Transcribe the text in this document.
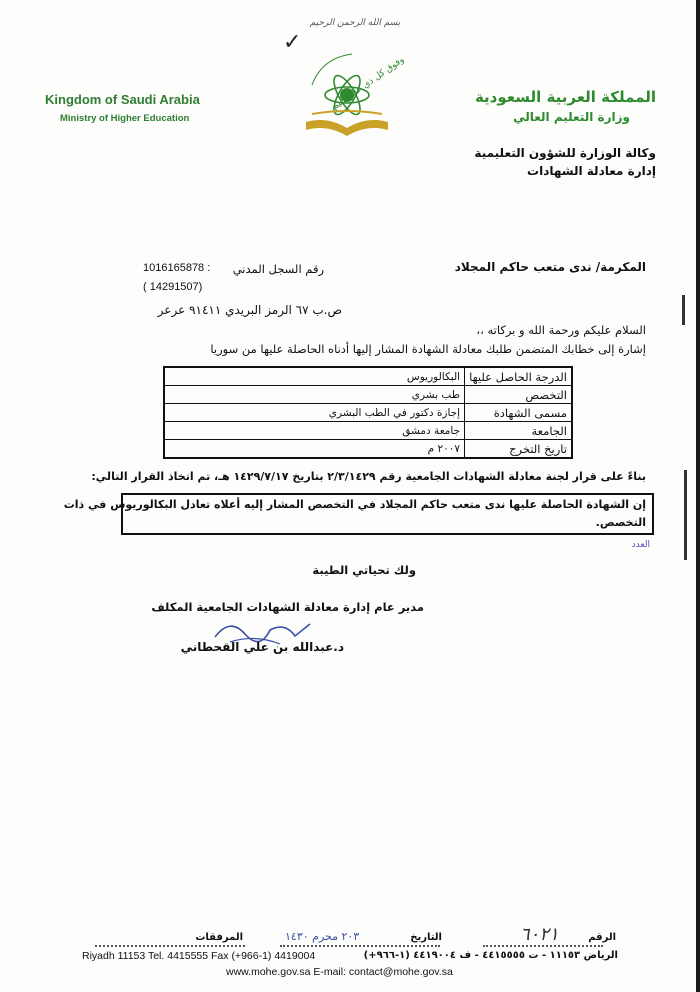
بسم الله الرحمن الرحيم
✓
وفوق كل ذي علم عليم
Kingdom of Saudi Arabia
Ministry of Higher Education
المملكة العربية السعودية
وزارة التعليم العالي
وكالة الوزارة للشؤون التعليمية
إدارة معادلة الشهادات
المكرمة/ ندى متعب حاكم المجلاد
رقم السجل المدني
1016165878 :
( 14291507)
ص.ب ٦٧ الرمز البريدي ٩١٤١١ عرعر
السلام عليكم ورحمة الله و بركاته ،،
إشارة إلى خطابك المتضمن طلبك معادلة الشهادة المشار إليها أدناه الحاصلة عليها من سوريا
الدرجة الحاصل عليها	البكالوريوس
التخصص	طب بشري
مسمى الشهادة	إجازة دكتور في الطب البشري
الجامعة	جامعة دمشق
تاريخ التخرج	٢٠٠٧ م
بناءً على قرار لجنة معادلة الشهادات الجامعية رقم ٢/٣/١٤٢٩ بتاريخ ١٤٢٩/٧/١٧ هـ، تم اتخاذ القرار التالي:
إن الشهادة الحاصلة عليها ندى متعب حاكم المجلاد في التخصص المشار إليه أعلاه تعادل البكالوريوس في ذات
التخصص.
العدد
ولك تحياتي الطيبة
مدير عام إدارة معادلة الشهادات الجامعية المكلف
د.عبدالله بن علي القحطاني
الرقم
٦٠٢١
التاريخ
٢٠٣ محرم ١٤٣٠
المرفقات
الرياض ١١١٥٣ - ت ٤٤١٥٥٥٥ - ف ٤٤١٩٠٠٤ (١-٩٦٦+)
Riyadh 11153 Tel. 4415555 Fax (+966-1) 4419004
www.mohe.gov.sa E-mail: contact@mohe.gov.sa
